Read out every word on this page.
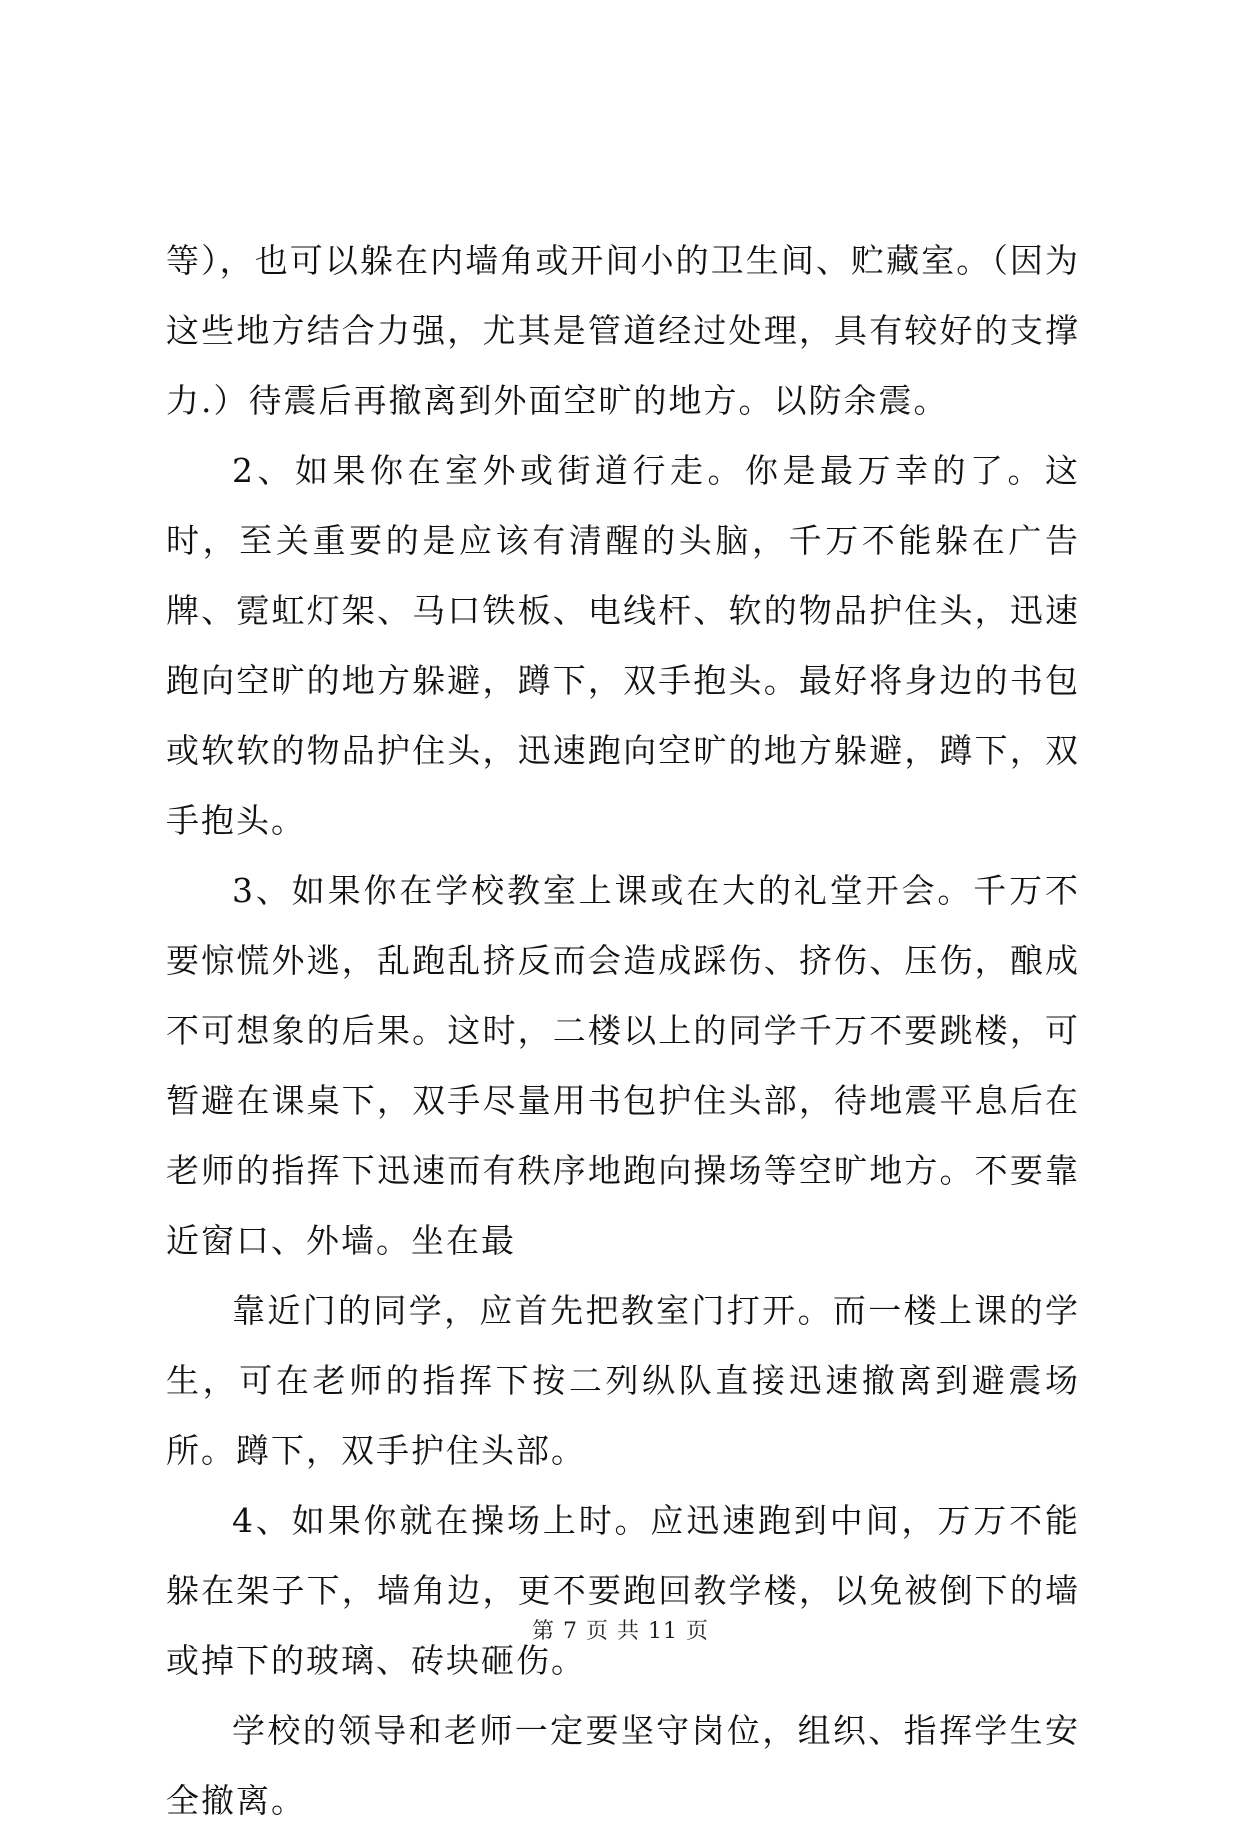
等），也可以躲在内墙角或开间小的卫生间、贮藏室。（因为这些地方结合力强，尤其是管道经过处理，具有较好的支撑力.）待震后再撤离到外面空旷的地方。以防余震。

2、如果你在室外或街道行走。你是最万幸的了。这时，至关重要的是应该有清醒的头脑，千万不能躲在广告牌、霓虹灯架、马口铁板、电线杆、软的物品护住头，迅速跑向空旷的地方躲避，蹲下，双手抱头。最好将身边的书包或软软的物品护住头，迅速跑向空旷的地方躲避，蹲下，双手抱头。

3、如果你在学校教室上课或在大的礼堂开会。千万不要惊慌外逃，乱跑乱挤反而会造成踩伤、挤伤、压伤，酿成不可想象的后果。这时，二楼以上的同学千万不要跳楼，可暂避在课桌下，双手尽量用书包护住头部，待地震平息后在老师的指挥下迅速而有秩序地跑向操场等空旷地方。不要靠近窗口、外墙。坐在最

靠近门的同学，应首先把教室门打开。而一楼上课的学生，可在老师的指挥下按二列纵队直接迅速撤离到避震场所。蹲下，双手护住头部。

4、如果你就在操场上时。应迅速跑到中间，万万不能躲在架子下，墙角边，更不要跑回教学楼，以免被倒下的墙或掉下的玻璃、砖块砸伤。

学校的领导和老师一定要坚守岗位，组织、指挥学生安全撤离。

第 7 页 共 11 页
